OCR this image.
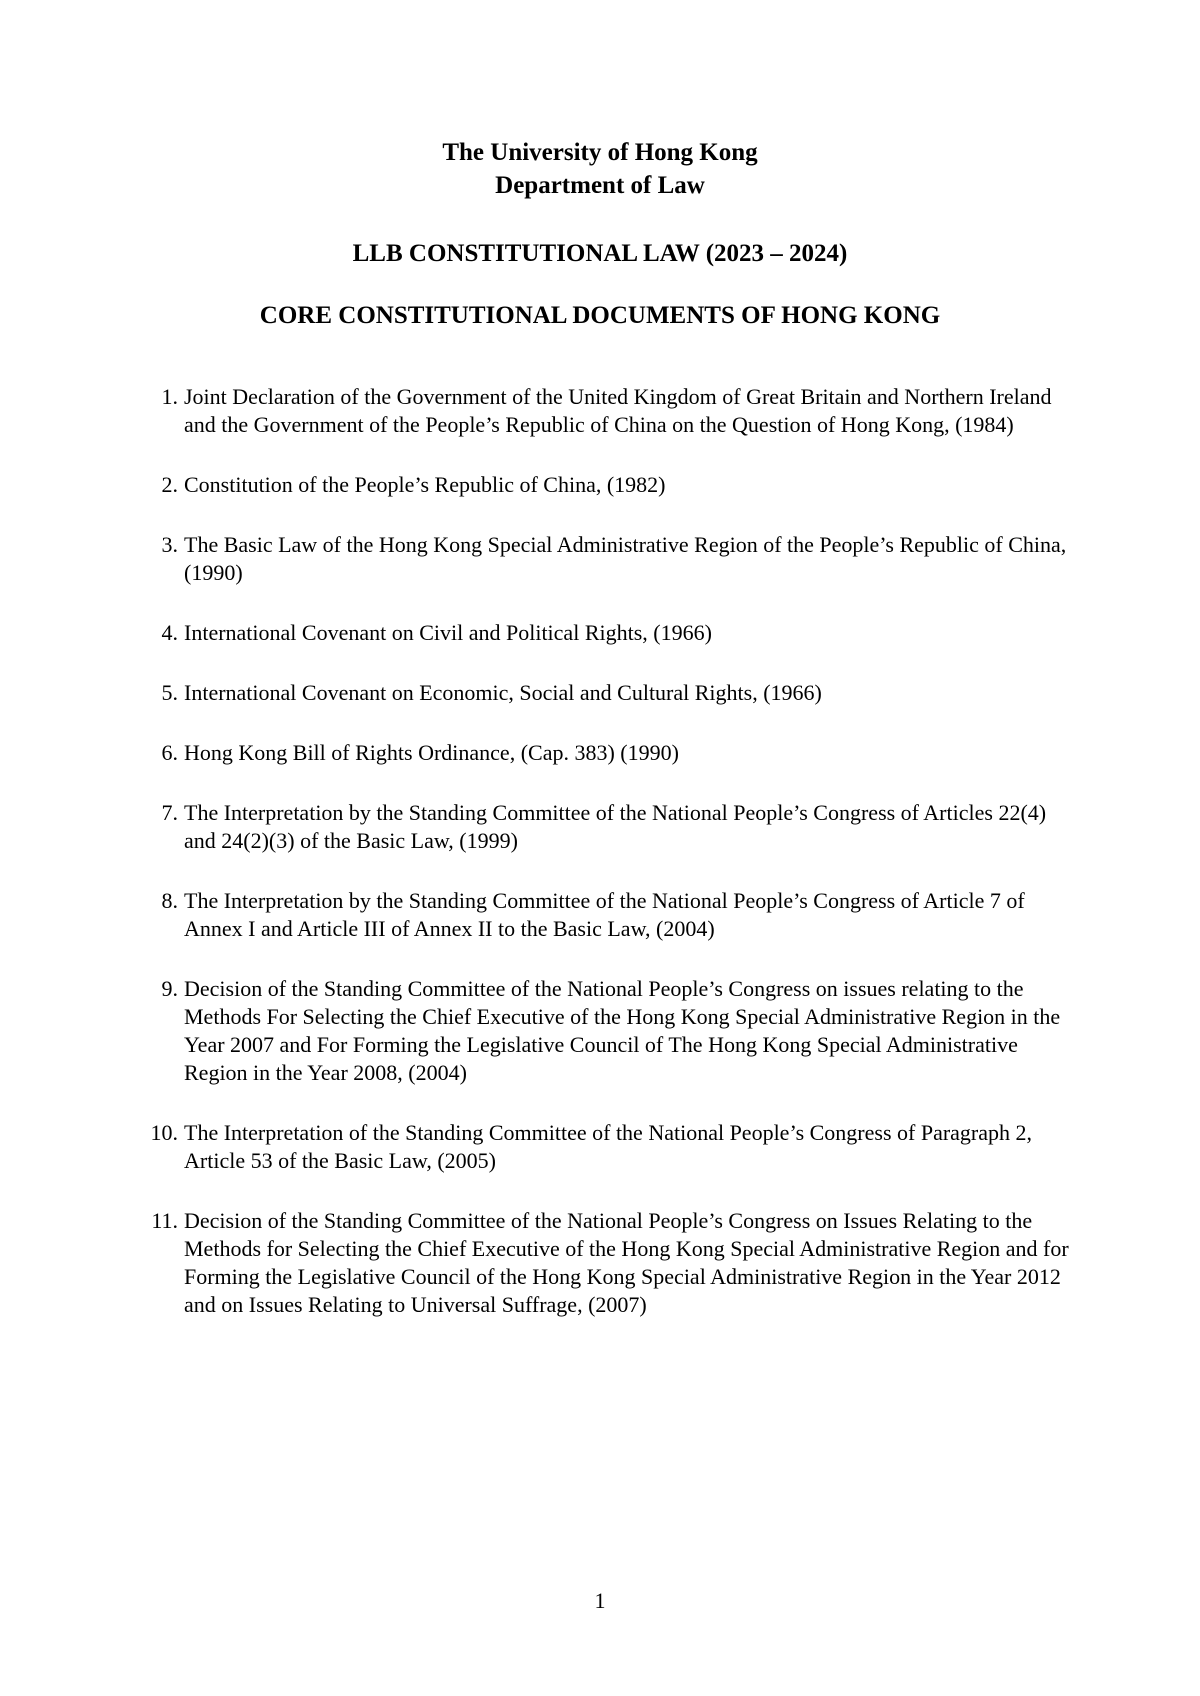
The University of Hong Kong
Department of Law
LLB CONSTITUTIONAL LAW (2023 – 2024)
CORE CONSTITUTIONAL DOCUMENTS OF HONG KONG
1. Joint Declaration of the Government of the United Kingdom of Great Britain and Northern Ireland and the Government of the People’s Republic of China on the Question of Hong Kong, (1984)
2. Constitution of the People’s Republic of China, (1982)
3. The Basic Law of the Hong Kong Special Administrative Region of the People’s Republic of China, (1990)
4. International Covenant on Civil and Political Rights, (1966)
5. International Covenant on Economic, Social and Cultural Rights, (1966)
6. Hong Kong Bill of Rights Ordinance, (Cap. 383) (1990)
7. The Interpretation by the Standing Committee of the National People’s Congress of Articles 22(4) and 24(2)(3) of the Basic Law, (1999)
8. The Interpretation by the Standing Committee of the National People’s Congress of Article 7 of Annex I and Article III of Annex II to the Basic Law, (2004)
9. Decision of the Standing Committee of the National People’s Congress on issues relating to the Methods For Selecting the Chief Executive of the Hong Kong Special Administrative Region in the Year 2007 and For Forming the Legislative Council of The Hong Kong Special Administrative Region in the Year 2008, (2004)
10. The Interpretation of the Standing Committee of the National People’s Congress of Paragraph 2, Article 53 of the Basic Law, (2005)
11. Decision of the Standing Committee of the National People’s Congress on Issues Relating to the Methods for Selecting the Chief Executive of the Hong Kong Special Administrative Region and for Forming the Legislative Council of the Hong Kong Special Administrative Region in the Year 2012 and on Issues Relating to Universal Suffrage, (2007)
1
